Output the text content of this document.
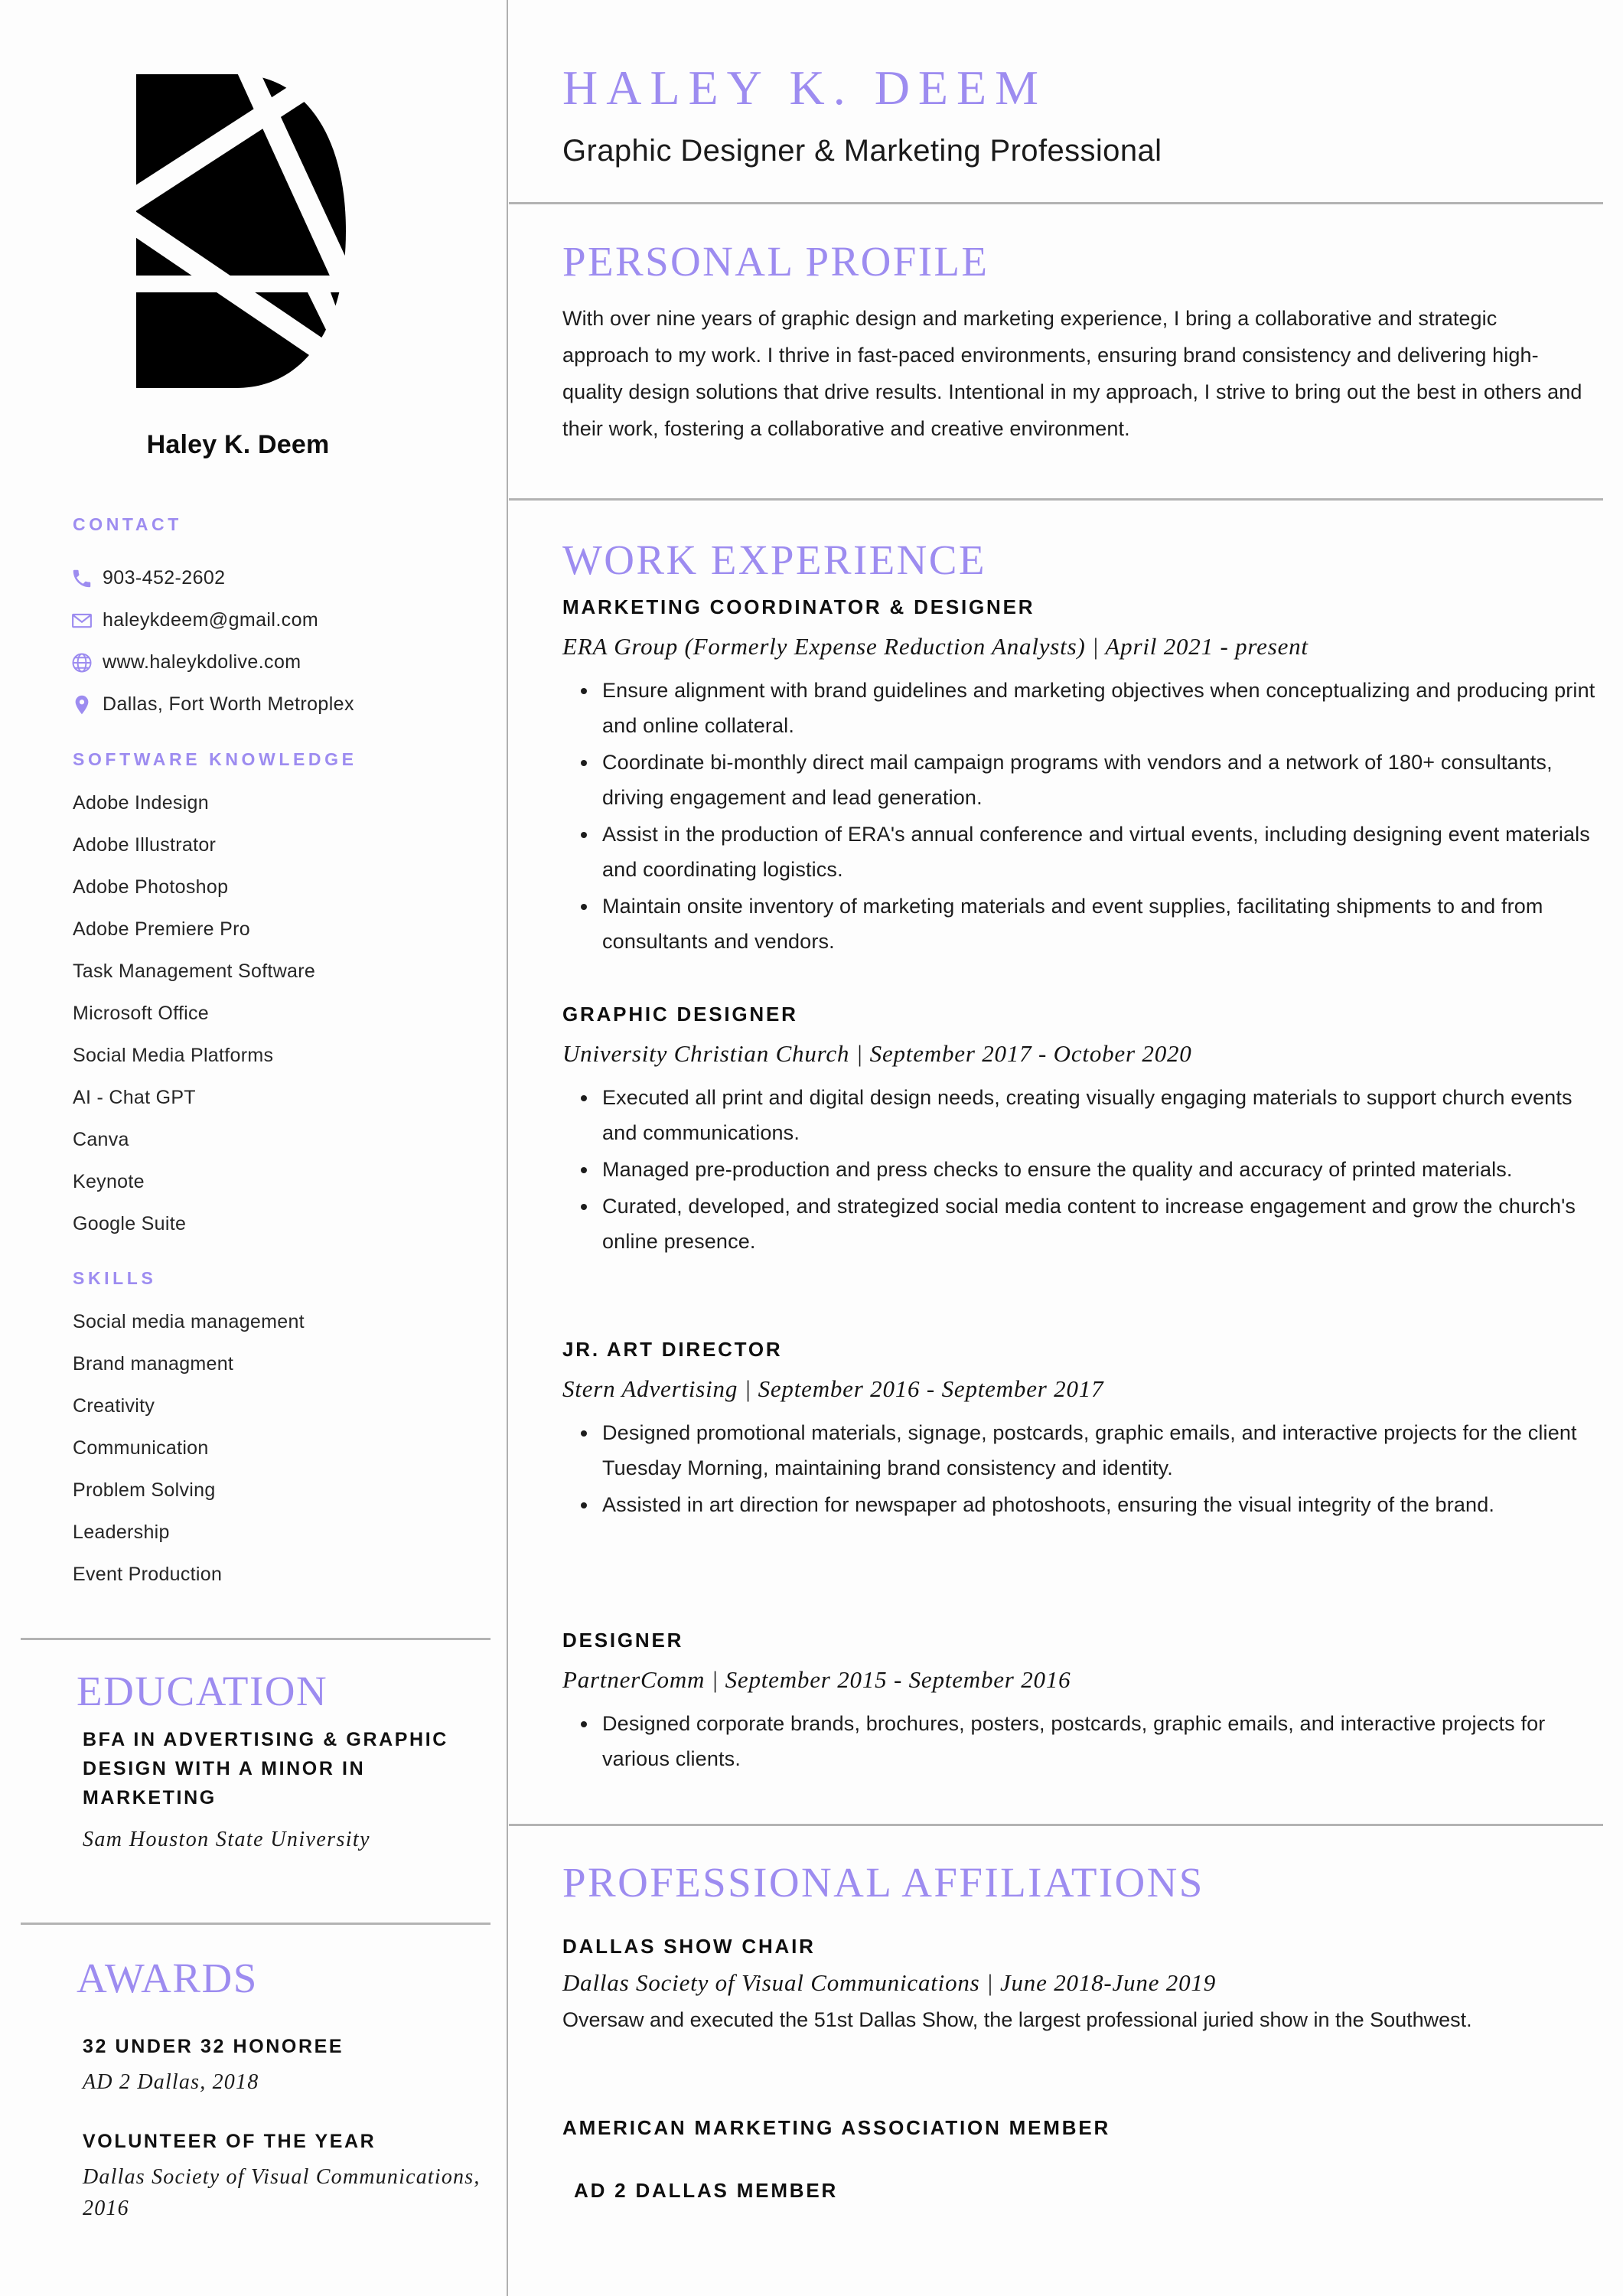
Haley K. Deem
CONTACT
903-452-2602
haleykdeem@gmail.com
www.haleykdolive.com
Dallas, Fort Worth Metroplex
SOFTWARE KNOWLEDGE
Adobe Indesign
Adobe Illustrator
Adobe Photoshop
Adobe Premiere Pro
Task Management Software
Microsoft Office
Social Media Platforms
AI - Chat GPT
Canva
Keynote
Google Suite
SKILLS
Social media management
Brand managment
Creativity
Communication
Problem Solving
Leadership
Event Production
EDUCATION
BFA IN ADVERTISING & GRAPHIC DESIGN WITH A MINOR IN MARKETING
Sam Houston State University
AWARDS
32 UNDER 32 HONOREE
AD 2 Dallas, 2018
VOLUNTEER OF THE YEAR
Dallas Society of Visual Communications, 2016
HALEY K. DEEM
Graphic Designer & Marketing Professional
PERSONAL PROFILE
With over nine years of graphic design and marketing experience, I bring a collaborative and strategic approach to my work. I thrive in fast-paced environments, ensuring brand consistency and delivering high-quality design solutions that drive results. Intentional in my approach, I strive to bring out the best in others and their work, fostering a collaborative and creative environment.
WORK EXPERIENCE
MARKETING COORDINATOR & DESIGNER
ERA Group (Formerly Expense Reduction Analysts) | April 2021 - present
Ensure alignment with brand guidelines and marketing objectives when conceptualizing and producing print and online collateral.
Coordinate bi-monthly direct mail campaign programs with vendors and a network of 180+ consultants, driving engagement and lead generation.
Assist in the production of ERA's annual conference and virtual events, including designing event materials and coordinating logistics.
Maintain onsite inventory of marketing materials and event supplies, facilitating shipments to and from consultants and vendors.
GRAPHIC DESIGNER
University Christian Church | September 2017 - October 2020
Executed all print and digital design needs, creating visually engaging materials to support church events and communications.
Managed pre-production and press checks to ensure the quality and accuracy of printed materials.
Curated, developed, and strategized social media content to increase engagement and grow the church's online presence.
JR. ART DIRECTOR
Stern Advertising | September 2016 - September 2017
Designed promotional materials, signage, postcards, graphic emails, and interactive projects for the client Tuesday Morning, maintaining brand consistency and identity.
Assisted in art direction for newspaper ad photoshoots, ensuring the visual integrity of the brand.
DESIGNER
PartnerComm | September 2015 - September 2016
Designed corporate brands, brochures, posters, postcards, graphic emails, and interactive projects for various clients.
PROFESSIONAL AFFILIATIONS
DALLAS SHOW CHAIR
Dallas Society of Visual Communications | June 2018-June 2019
Oversaw and executed the 51st Dallas Show, the largest professional juried show in the Southwest.
AMERICAN MARKETING ASSOCIATION MEMBER
AD 2 DALLAS MEMBER
